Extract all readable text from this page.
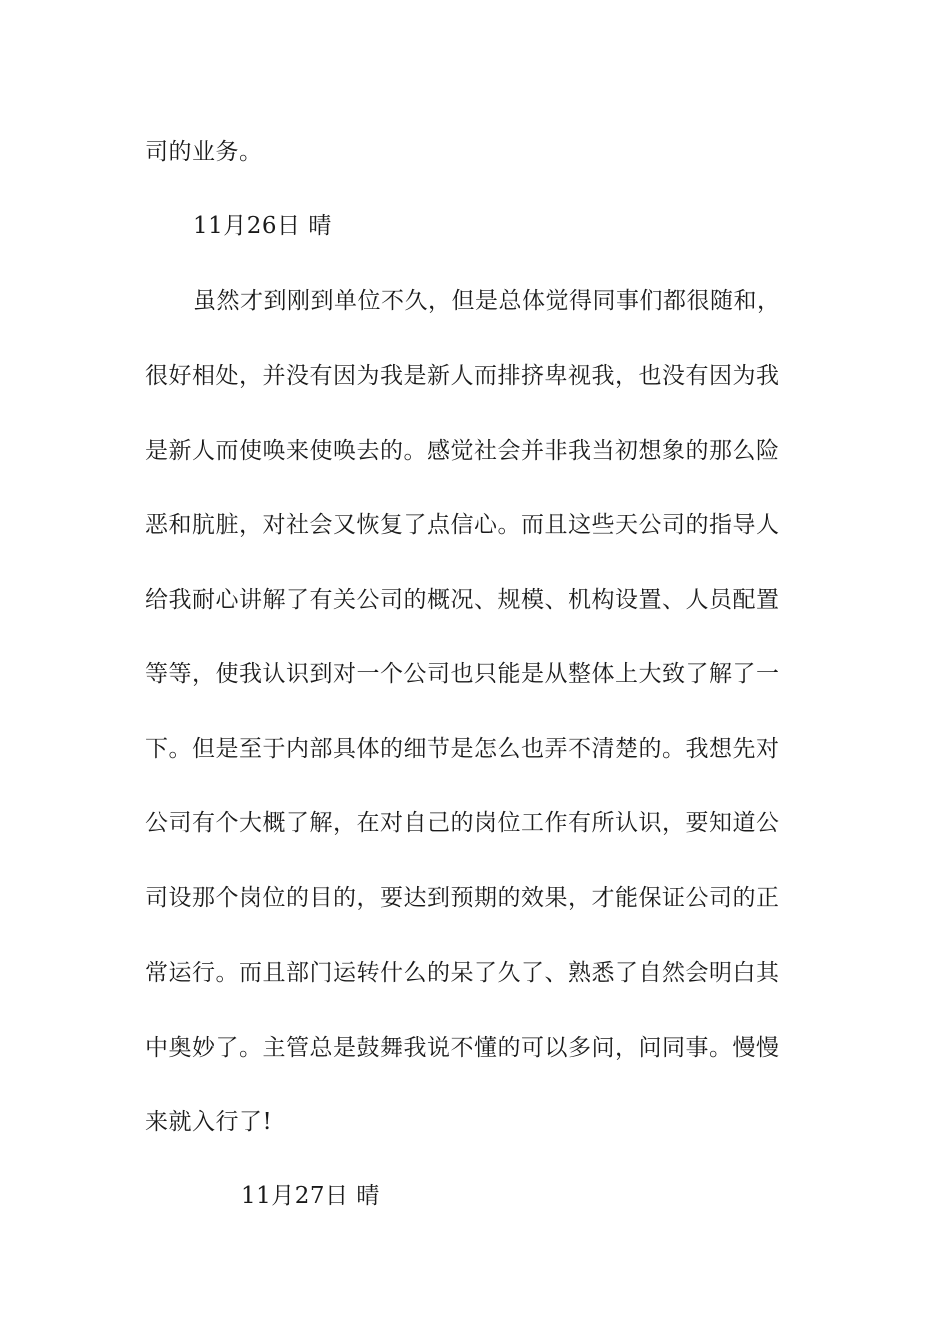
司的业务。
11月26日 晴
虽然才到刚到单位不久，但是总体觉得同事们都很随和，
很好相处，并没有因为我是新人而排挤卑视我，也没有因为我
是新人而使唤来使唤去的。感觉社会并非我当初想象的那么险
恶和肮脏，对社会又恢复了点信心。而且这些天公司的指导人
给我耐心讲解了有关公司的概况、规模、机构设置、人员配置
等等，使我认识到对一个公司也只能是从整体上大致了解了一
下。但是至于内部具体的细节是怎么也弄不清楚的。我想先对
公司有个大概了解，在对自己的岗位工作有所认识，要知道公
司设那个岗位的目的，要达到预期的效果，才能保证公司的正
常运行。而且部门运转什么的呆了久了、熟悉了自然会明白其
中奥妙了。主管总是鼓舞我说不懂的可以多问，问同事。慢慢
来就入行了!
11月27日 晴
